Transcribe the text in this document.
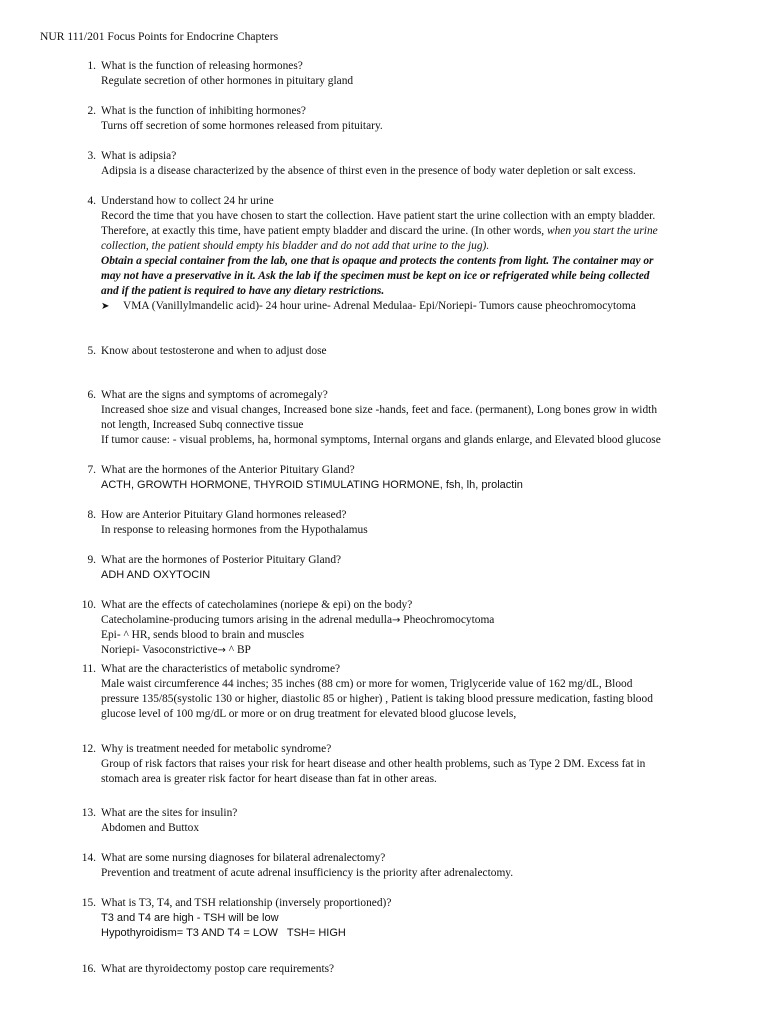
NUR 111/201 Focus Points for Endocrine Chapters
1. What is the function of releasing hormones?
Regulate secretion of other hormones in pituitary gland
2. What is the function of inhibiting hormones?
Turns off secretion of some hormones released from pituitary.
3. What is adipsia?
Adipsia is a disease characterized by the absence of thirst even in the presence of body water depletion or salt excess.
4. Understand how to collect 24 hr urine
Record the time that you have chosen to start the collection. Have patient start the urine collection with an empty bladder.
Therefore, at exactly this time, have patient empty bladder and discard the urine. (In other words, when you start the urine
collection, the patient should empty his bladder and do not add that urine to the jug).
Obtain a special container from the lab, one that is opaque and protects the contents from light. The container may or
may not have a preservative in it. Ask the lab if the specimen must be kept on ice or refrigerated while being collected
and if the patient is required to have any dietary restrictions.
➤ VMA (Vanillylmandelic acid)- 24 hour urine- Adrenal Medulaa- Epi/Noriepi- Tumors cause pheochromocytoma
5. Know about testosterone and when to adjust dose
6. What are the signs and symptoms of acromegaly?
Increased shoe size and visual changes, Increased bone size -hands, feet and face. (permanent), Long bones grow in width
not length, Increased Subq connective tissue
If tumor cause: - visual problems, ha, hormonal symptoms, Internal organs and glands enlarge, and Elevated blood glucose
7. What are the hormones of the Anterior Pituitary Gland?
ACTH, GROWTH HORMONE, THYROID STIMULATING HORMONE, fsh, lh, prolactin
8. How are Anterior Pituitary Gland hormones released?
In response to releasing hormones from the Hypothalamus
9. What are the hormones of Posterior Pituitary Gland?
ADH AND OXYTOCIN
10. What are the effects of catecholamines (noriepe & epi) on the body?
Catecholamine-producing tumors arising in the adrenal medulla→ Pheochromocytoma
Epi- ^ HR, sends blood to brain and muscles
Noriepi- Vasoconstrictive→ ^ BP
11. What are the characteristics of metabolic syndrome?
Male waist circumference 44 inches; 35 inches (88 cm) or more for women, Triglyceride value of 162 mg/dL, Blood
pressure 135/85(systolic 130 or higher, diastolic 85 or higher) , Patient is taking blood pressure medication, fasting blood
glucose level of 100 mg/dL or more or on drug treatment for elevated blood glucose levels,
12. Why is treatment needed for metabolic syndrome?
Group of risk factors that raises your risk for heart disease and other health problems, such as Type 2 DM. Excess fat in
stomach area is greater risk factor for heart disease than fat in other areas.
13. What are the sites for insulin?
Abdomen and Buttox
14. What are some nursing diagnoses for bilateral adrenalectomy?
Prevention and treatment of acute adrenal insufficiency is the priority after adrenalectomy.
15. What is T3, T4, and TSH relationship (inversely proportioned)?
T3 and T4 are high - TSH will be low
Hypothyroidism= T3 AND T4 = LOW   TSH= HIGH
16. What are thyroidectomy postop care requirements?
